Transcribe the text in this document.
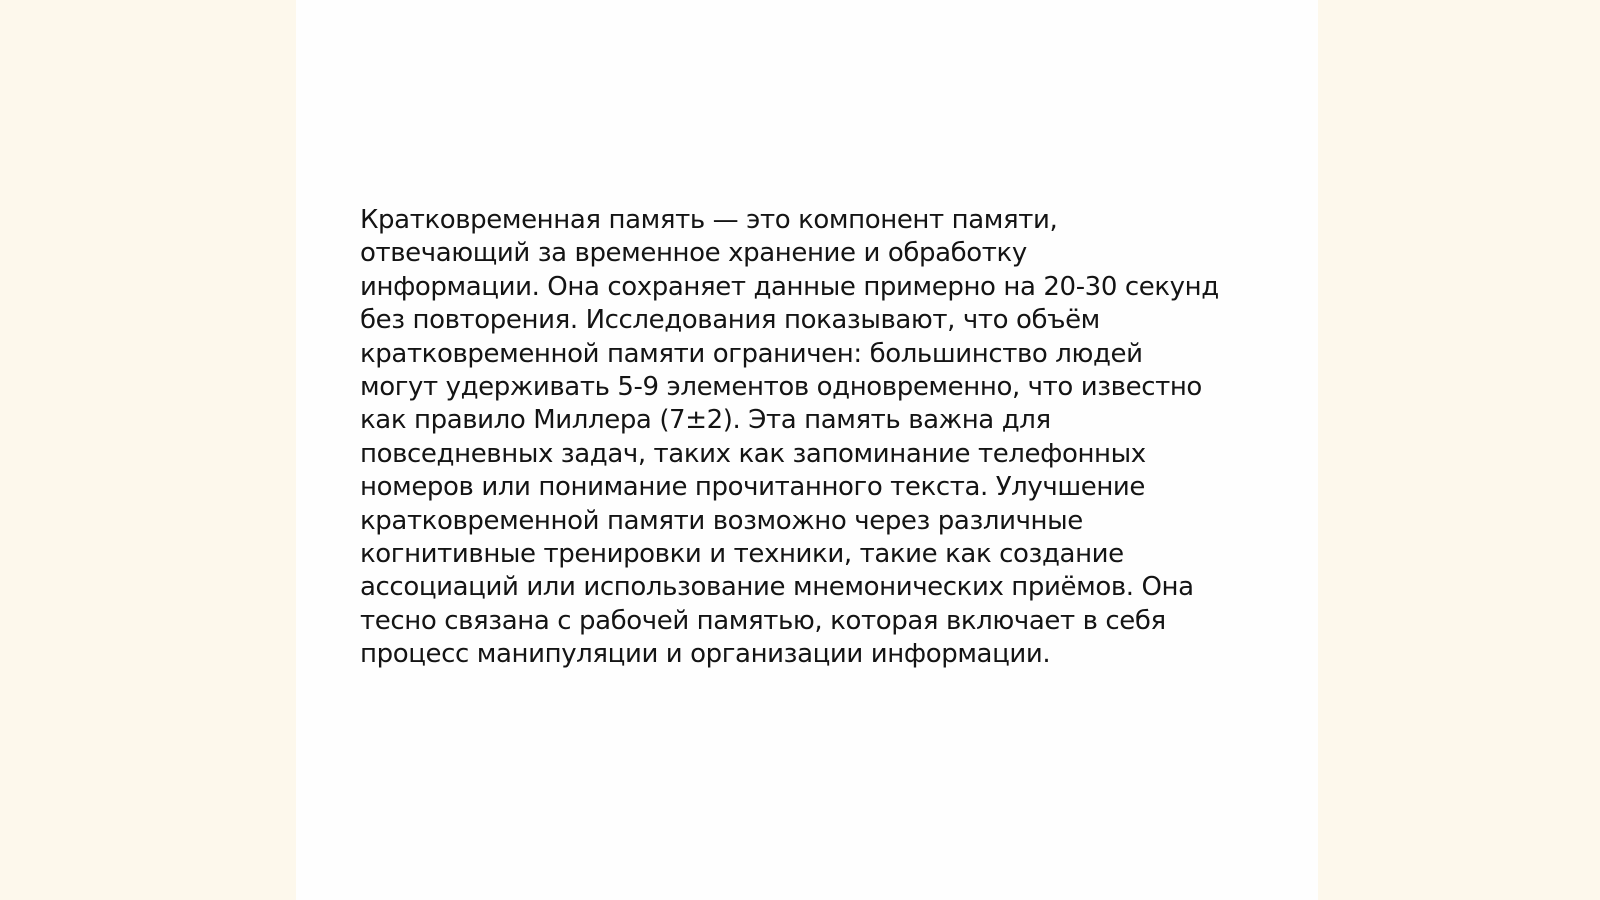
Кратковременная память — это компонент памяти,
отвечающий за временное хранение и обработку
информации. Она сохраняет данные примерно на 20-30 секунд
без повторения. Исследования показывают, что объём
кратковременной памяти ограничен: большинство людей
могут удерживать 5-9 элементов одновременно, что известно
как правило Миллера (7±2). Эта память важна для
повседневных задач, таких как запоминание телефонных
номеров или понимание прочитанного текста. Улучшение
кратковременной памяти возможно через различные
когнитивные тренировки и техники, такие как создание
ассоциаций или использование мнемонических приёмов. Она
тесно связана с рабочей памятью, которая включает в себя
процесс манипуляции и организации информации.
